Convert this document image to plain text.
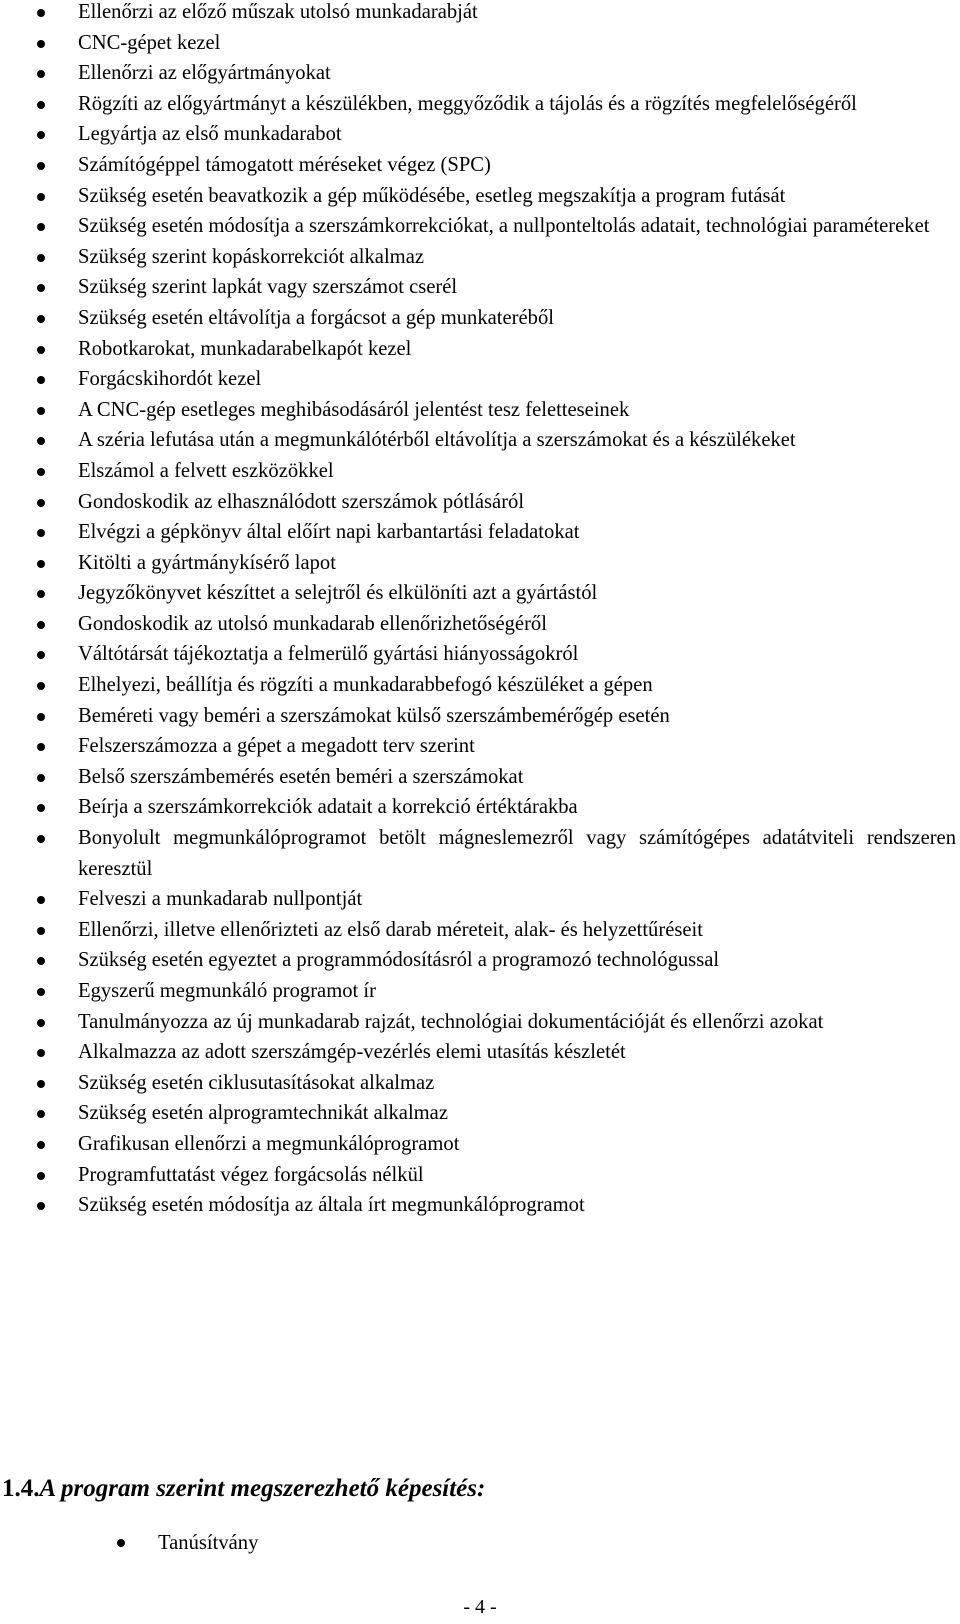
Ellenőrzi az előző műszak utolsó munkadarabját
CNC-gépet kezel
Ellenőrzi az előgyártmányokat
Rögzíti az előgyártmányt a készülékben, meggyőződik a tájolás és a rögzítés megfelelőségéről
Legyártja az első munkadarabot
Számítógéppel támogatott méréseket végez (SPC)
Szükség esetén beavatkozik a gép működésébe, esetleg megszakítja a program futását
Szükség esetén módosítja a szerszámkorrekciókat, a nullponteltolás adatait, technológiai paramétereket
Szükség szerint kopáskorrekciót alkalmaz
Szükség szerint lapkát vagy szerszámot cserél
Szükség esetén eltávolítja a forgácsot a gép munkateréből
Robotkarokat, munkadarabelkapót kezel
Forgácskihordót kezel
A CNC-gép esetleges meghibásodásáról jelentést tesz feletteseinek
A széria lefutása után a megmunkálótérből eltávolítja a szerszámokat és a készülékeket
Elszámol a felvett eszközökkel
Gondoskodik az elhasználódott szerszámok pótlásáról
Elvégzi a gépkönyv által előírt napi karbantartási feladatokat
Kitölti a gyártmánykísérő lapot
Jegyzőkönyvet készíttet a selejtről és elkülöníti azt a gyártástól
Gondoskodik az utolsó munkadarab ellenőrizhetőségéről
Váltótársát tájékoztatja a felmerülő gyártási hiányosságokról
Elhelyezi, beállítja és rögzíti a munkadarabbefogó készüléket a gépen
Beméreti vagy beméri a szerszámokat külső szerszámbemérőgép esetén
Felszerszámozza a gépet a megadott terv szerint
Belső szerszámbemérés esetén beméri a szerszámokat
Beírja a szerszámkorrekciók adatait a korrekció értéktárakba
Bonyolult megmunkálóprogramot betölt mágneslemezről vagy számítógépes adatátviteli rendszeren keresztül
Felveszi a munkadarab nullpontját
Ellenőrzi, illetve ellenőrizteti az első darab méreteit, alak- és helyzettűréseit
Szükség esetén egyeztet a programmódosításról a programozó technológussal
Egyszerű megmunkáló programot ír
Tanulmányozza az új munkadarab rajzát, technológiai dokumentációját és ellenőrzi azokat
Alkalmazza az adott szerszámgép-vezérlés elemi utasítás készletét
Szükség esetén ciklusutasításokat alkalmaz
Szükség esetén alprogramtechnikát alkalmaz
Grafikusan ellenőrzi a megmunkálóprogramot
Programfuttatást végez forgácsolás nélkül
Szükség esetén módosítja az általa írt megmunkálóprogramot
1.4.A program szerint megszerezhető képesítés:
Tanúsítvány
- 4 -
